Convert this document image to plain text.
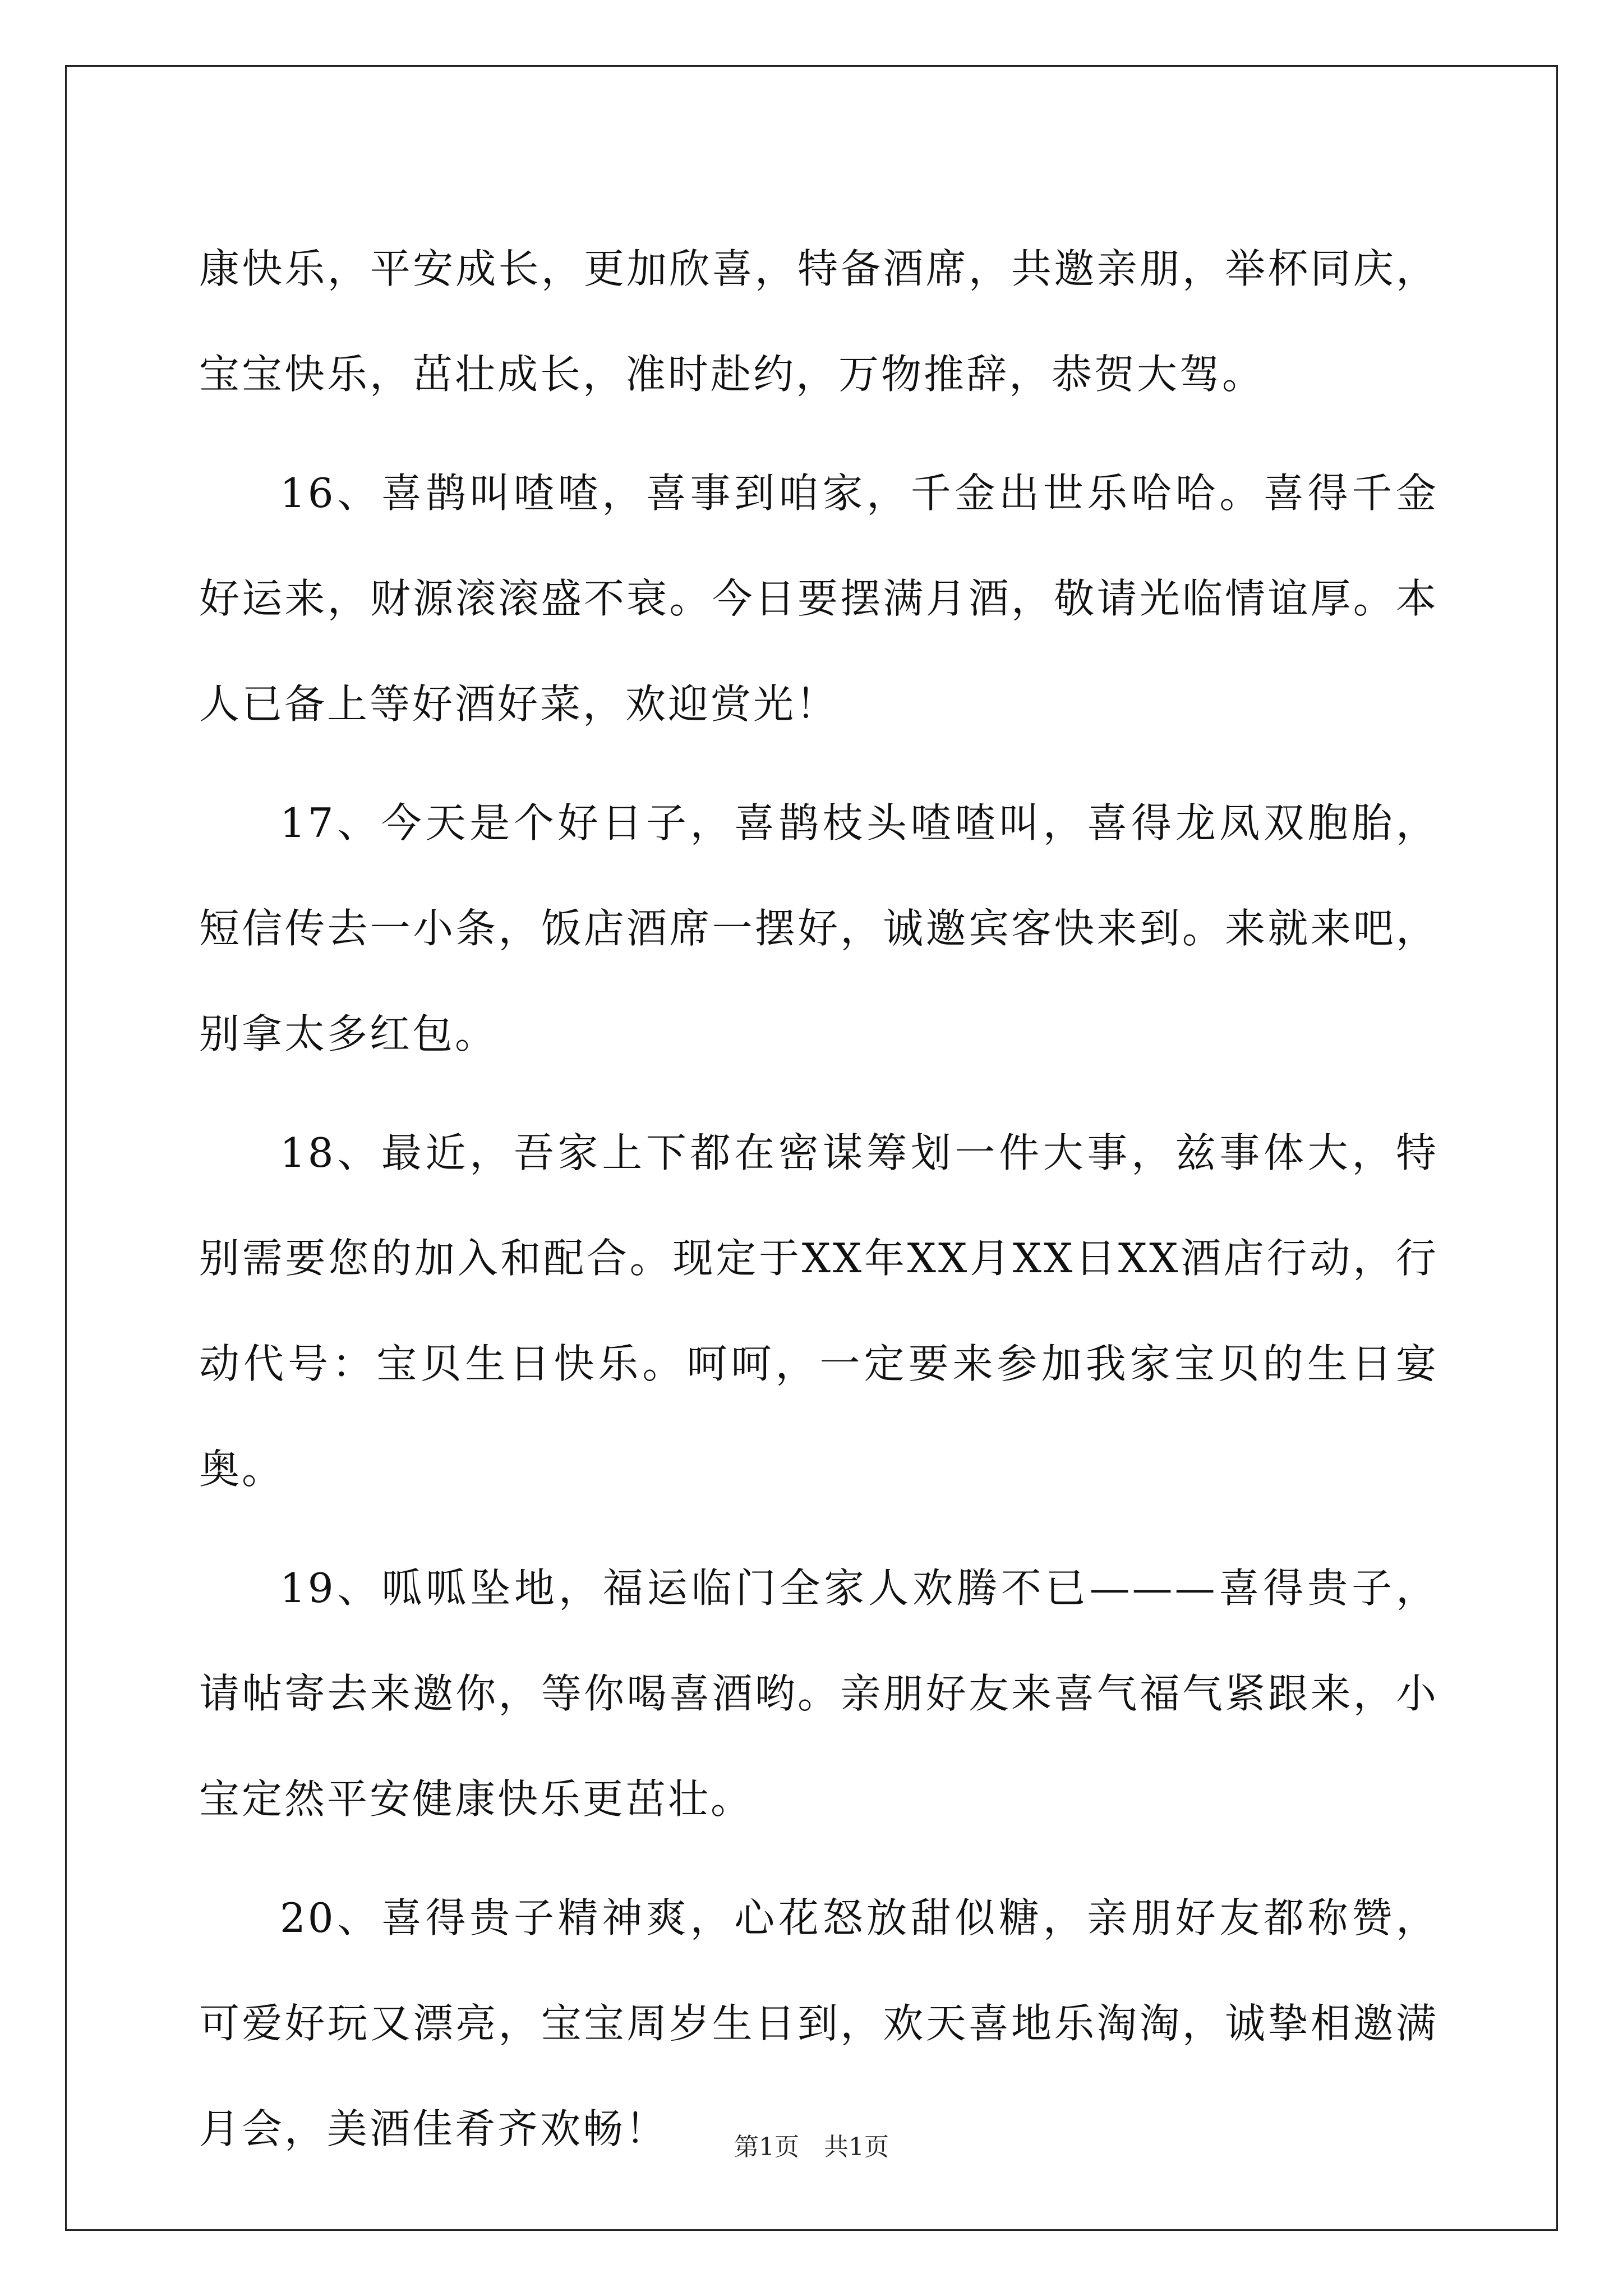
康快乐，平安成长，更加欣喜，特备酒席，共邀亲朋，举杯同庆，宝宝快乐，茁壮成长，准时赴约，万物推辞，恭贺大驾。

16、喜鹊叫喳喳，喜事到咱家，千金出世乐哈哈。喜得千金好运来，财源滚滚盛不衰。今日要摆满月酒，敬请光临情谊厚。本人已备上等好酒好菜，欢迎赏光！

17、今天是个好日子，喜鹊枝头喳喳叫，喜得龙凤双胞胎，短信传去一小条，饭店酒席一摆好，诚邀宾客快来到。来就来吧，别拿太多红包。

18、最近，吾家上下都在密谋筹划一件大事，兹事体大，特别需要您的加入和配合。现定于XX年XX月XX日XX酒店行动，行动代号：宝贝生日快乐。呵呵，一定要来参加我家宝贝的生日宴奥。

19、呱呱坠地，福运临门全家人欢腾不已———喜得贵子，请帖寄去来邀你，等你喝喜酒哟。亲朋好友来喜气福气紧跟来，小宝定然平安健康快乐更茁壮。

20、喜得贵子精神爽，心花怒放甜似糖，亲朋好友都称赞，可爱好玩又漂亮，宝宝周岁生日到，欢天喜地乐淘淘，诚挚相邀满月会，美酒佳肴齐欢畅！	第1页　共1页
